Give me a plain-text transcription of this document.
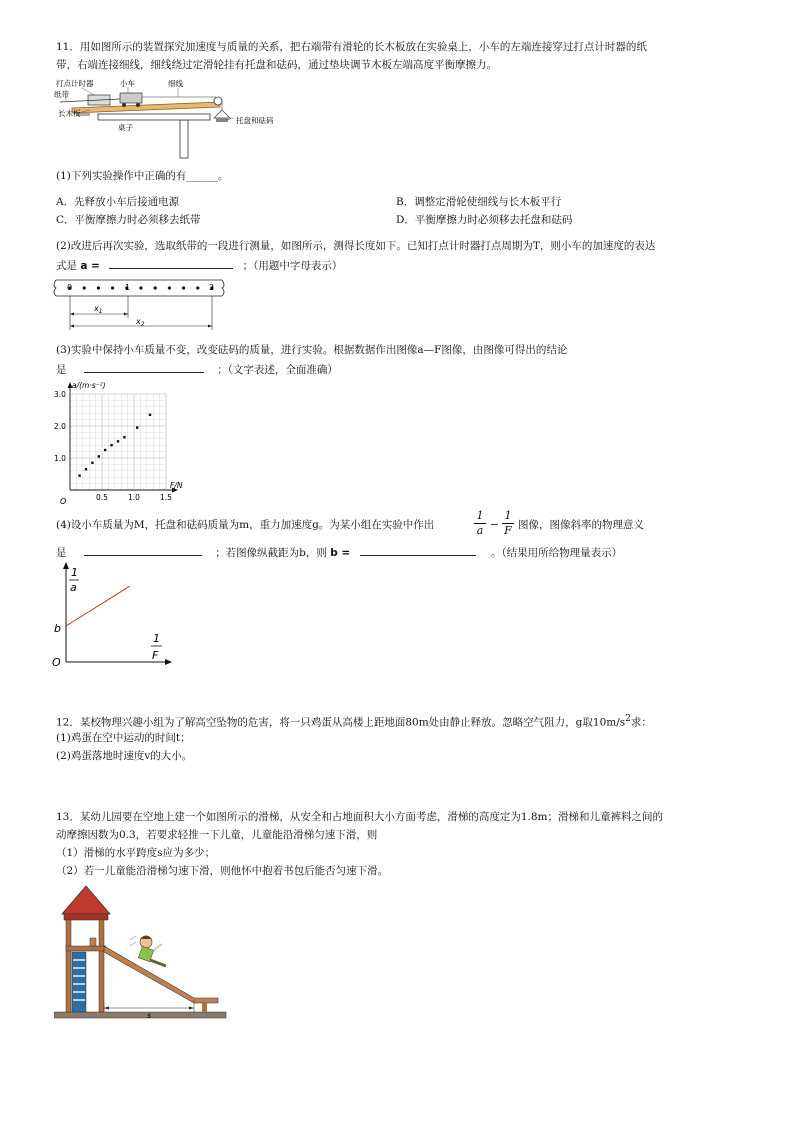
11．用如图所示的装置探究加速度与质量的关系，把右端带有滑轮的长木板放在实验桌上，小车的左端连接穿过打点计时器的纸
带，右端连接细线，细线绕过定滑轮挂有托盘和砝码，通过垫块调节木板左端高度平衡摩擦力。
打点计时器	小车	细线
纸带
长木板
桌子
托盘和砝码
(1)下列实验操作中正确的有______。
A．先释放小车后接通电源	B．调整定滑轮使细线与长木板平行
C．平衡摩擦力时必须移去纸带	D．平衡摩擦力时必须移去托盘和砝码
(2)改进后再次实验，选取纸带的一段进行测量，如图所示，测得长度如下。已知打点计时器打点周期为T，则小车的加速度的表达
式是 a =	；（用题中字母表示）
0	1	2
$x_1$
$x_2$
(3)实验中保持小车质量不变，改变砝码的质量，进行实验。根据数据作出图像a—F图像，由图像可得出的结论
是	；（文字表述，全面准确）
0.5	1.0	1.5
1.0
2.0
3.0
a/(m·s⁻²)
F/N
O
(4)设小车质量为M，托盘和砝码质量为m，重力加速度g。为某小组在实验中作出
1
a −
1
F 图像，图像斜率的物理意义
是	；若图像纵截距为b，则 b =	。（结果用所给物理量表示）
1
a
1
F
b
O
12．某校物理兴趣小组为了解高空坠物的危害，将一只鸡蛋从高楼上距地面80m处由静止释放。忽略空气阻力，g取$10m/s^2$求：
(1)鸡蛋在空中运动的时间t；
(2)鸡蛋落地时速度v的大小。
13．某幼儿园要在空地上建一个如图所示的滑梯，从安全和占地面积大小方面考虑，滑梯的高度定为1.8m；滑梯和儿童裤料之间的
动摩擦因数为0.3，若要求轻推一下儿童，儿童能沿滑梯匀速下滑，则
（1）滑梯的水平跨度s应为多少；
（2）若一儿童能沿滑梯匀速下滑，则他怀中抱着书包后能否匀速下滑。
s
